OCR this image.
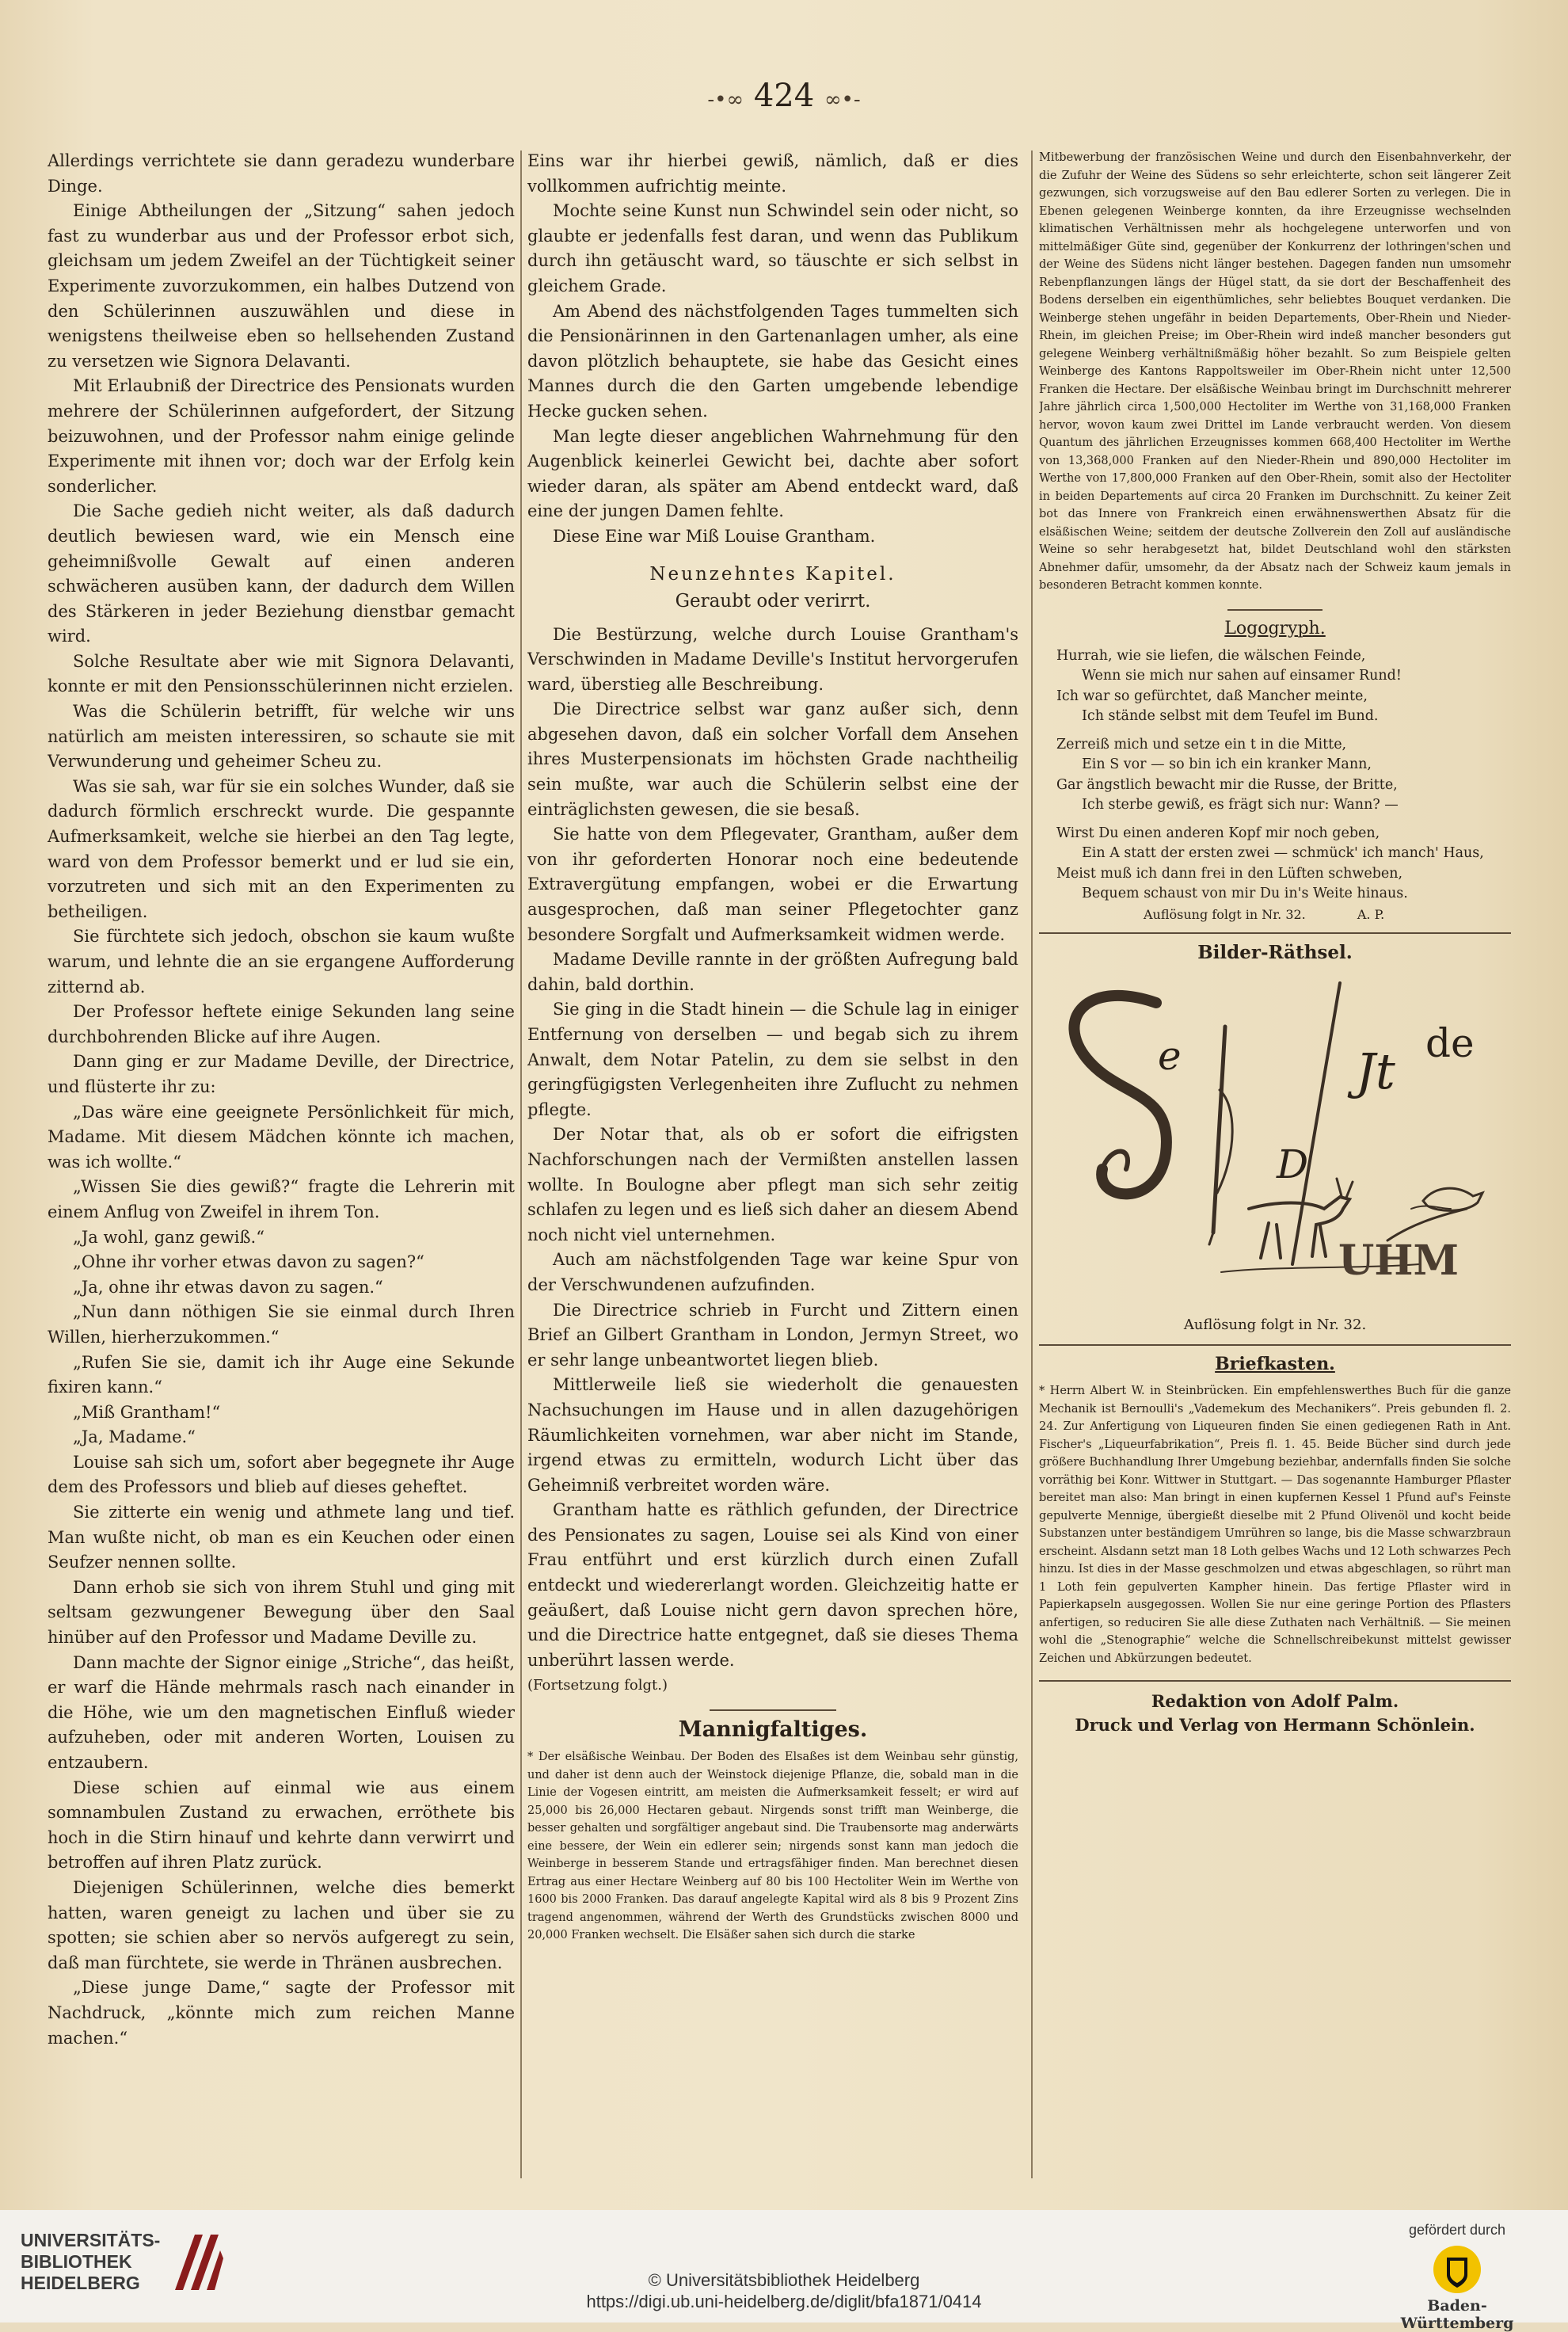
-•∞ 424 ∞•-

Allerdings verrichtete sie dann geradezu wunderbare Dinge.

Einige Abtheilungen der „Sitzung“ sahen jedoch fast zu wunderbar aus und der Professor erbot sich, gleichsam um jedem Zweifel an der Tüchtigkeit seiner Experimente zuvorzukommen, ein halbes Dutzend von den Schülerinnen auszuwählen und diese in wenigstens theilweise eben so hellsehenden Zustand zu versetzen wie Signora Delavanti.

Mit Erlaubniß der Directrice des Pensionats wurden mehrere der Schülerinnen aufgefordert, der Sitzung beizuwohnen, und der Professor nahm einige gelinde Experimente mit ihnen vor; doch war der Erfolg kein sonderlicher.

Die Sache gedieh nicht weiter, als daß dadurch deutlich bewiesen ward, wie ein Mensch eine geheimnißvolle Gewalt auf einen anderen schwächeren ausüben kann, der dadurch dem Willen des Stärkeren in jeder Beziehung dienstbar gemacht wird.

Solche Resultate aber wie mit Signora Delavanti, konnte er mit den Pensionsschülerinnen nicht erzielen.

Was die Schülerin betrifft, für welche wir uns natürlich am meisten interessiren, so schaute sie mit Verwunderung und geheimer Scheu zu.

Was sie sah, war für sie ein solches Wunder, daß sie dadurch förmlich erschreckt wurde. Die gespannte Aufmerksamkeit, welche sie hierbei an den Tag legte, ward von dem Professor bemerkt und er lud sie ein, vorzutreten und sich mit an den Experimenten zu betheiligen.

Sie fürchtete sich jedoch, obschon sie kaum wußte warum, und lehnte die an sie ergangene Aufforderung zitternd ab.

Der Professor heftete einige Sekunden lang seine durchbohrenden Blicke auf ihre Augen.

Dann ging er zur Madame Deville, der Directrice, und flüsterte ihr zu:

„Das wäre eine geeignete Persönlichkeit für mich, Madame. Mit diesem Mädchen könnte ich machen, was ich wollte.“

„Wissen Sie dies gewiß?“ fragte die Lehrerin mit einem Anflug von Zweifel in ihrem Ton.

„Ja wohl, ganz gewiß.“

„Ohne ihr vorher etwas davon zu sagen?“

„Ja, ohne ihr etwas davon zu sagen.“

„Nun dann nöthigen Sie sie einmal durch Ihren Willen, hierherzukommen.“

„Rufen Sie sie, damit ich ihr Auge eine Sekunde fixiren kann.“

„Miß Grantham!“

„Ja, Madame.“

Louise sah sich um, sofort aber begegnete ihr Auge dem des Professors und blieb auf dieses geheftet.

Sie zitterte ein wenig und athmete lang und tief. Man wußte nicht, ob man es ein Keuchen oder einen Seufzer nennen sollte.

Dann erhob sie sich von ihrem Stuhl und ging mit seltsam gezwungener Bewegung über den Saal hinüber auf den Professor und Madame Deville zu.

Dann machte der Signor einige „Striche“, das heißt, er warf die Hände mehrmals rasch nach einander in die Höhe, wie um den magnetischen Einfluß wieder aufzuheben, oder mit anderen Worten, Louisen zu entzaubern.

Diese schien auf einmal wie aus einem somnambulen Zustand zu erwachen, erröthete bis hoch in die Stirn hinauf und kehrte dann verwirrt und betroffen auf ihren Platz zurück.

Diejenigen Schülerinnen, welche dies bemerkt hatten, waren geneigt zu lachen und über sie zu spotten; sie schien aber so nervös aufgeregt zu sein, daß man fürchtete, sie werde in Thränen ausbrechen.

„Diese junge Dame,“ sagte der Professor mit Nachdruck, „könnte mich zum reichen Manne machen.“

Eins war ihr hierbei gewiß, nämlich, daß er dies vollkommen aufrichtig meinte.

Mochte seine Kunst nun Schwindel sein oder nicht, so glaubte er jedenfalls fest daran, und wenn das Publikum durch ihn getäuscht ward, so täuschte er sich selbst in gleichem Grade.

Am Abend des nächstfolgenden Tages tummelten sich die Pensionärinnen in den Gartenanlagen umher, als eine davon plötzlich behauptete, sie habe das Gesicht eines Mannes durch die den Garten umgebende lebendige Hecke gucken sehen.

Man legte dieser angeblichen Wahrnehmung für den Augenblick keinerlei Gewicht bei, dachte aber sofort wieder daran, als später am Abend entdeckt ward, daß eine der jungen Damen fehlte.

Diese Eine war Miß Louise Grantham.

Neunzehntes Kapitel.
Geraubt oder verirrt.

Die Bestürzung, welche durch Louise Grantham's Verschwinden in Madame Deville's Institut hervorgerufen ward, überstieg alle Beschreibung.

Die Directrice selbst war ganz außer sich, denn abgesehen davon, daß ein solcher Vorfall dem Ansehen ihres Musterpensionats im höchsten Grade nachtheilig sein mußte, war auch die Schülerin selbst eine der einträglichsten gewesen, die sie besaß.

Sie hatte von dem Pflegevater, Grantham, außer dem von ihr geforderten Honorar noch eine bedeutende Extravergütung empfangen, wobei er die Erwartung ausgesprochen, daß man seiner Pflegetochter ganz besondere Sorgfalt und Aufmerksamkeit widmen werde.

Madame Deville rannte in der größten Aufregung bald dahin, bald dorthin.

Sie ging in die Stadt hinein — die Schule lag in einiger Entfernung von derselben — und begab sich zu ihrem Anwalt, dem Notar Patelin, zu dem sie selbst in den geringfügigsten Verlegenheiten ihre Zuflucht zu nehmen pflegte.

Der Notar that, als ob er sofort die eifrigsten Nachforschungen nach der Vermißten anstellen lassen wollte. In Boulogne aber pflegt man sich sehr zeitig schlafen zu legen und es ließ sich daher an diesem Abend noch nicht viel unternehmen.

Auch am nächstfolgenden Tage war keine Spur von der Verschwundenen aufzufinden.

Die Directrice schrieb in Furcht und Zittern einen Brief an Gilbert Grantham in London, Jermyn Street, wo er sehr lange unbeantwortet liegen blieb.

Mittlerweile ließ sie wiederholt die genauesten Nachsuchungen im Hause und in allen dazugehörigen Räumlichkeiten vornehmen, war aber nicht im Stande, irgend etwas zu ermitteln, wodurch Licht über das Geheimniß verbreitet worden wäre.

Grantham hatte es räthlich gefunden, der Directrice des Pensionates zu sagen, Louise sei als Kind von einer Frau entführt und erst kürzlich durch einen Zufall entdeckt und wiedererlangt worden. Gleichzeitig hatte er geäußert, daß Louise nicht gern davon sprechen höre, und die Directrice hatte entgegnet, daß sie dieses Thema unberührt lassen werde.

(Fortsetzung folgt.)

Mannigfaltiges.

* Der elsäßische Weinbau. Der Boden des Elsaßes ist dem Weinbau sehr günstig, und daher ist denn auch der Weinstock diejenige Pflanze, die, sobald man in die Linie der Vogesen eintritt, am meisten die Aufmerksamkeit fesselt; er wird auf 25,000 bis 26,000 Hectaren gebaut. Nirgends sonst trifft man Weinberge, die besser gehalten und sorgfältiger angebaut sind. Die Traubensorte mag anderwärts eine bessere, der Wein ein edlerer sein; nirgends sonst kann man jedoch die Weinberge in besserem Stande und ertragsfähiger finden. Man berechnet diesen Ertrag aus einer Hectare Weinberg auf 80 bis 100 Hectoliter Wein im Werthe von 1600 bis 2000 Franken. Das darauf angelegte Kapital wird als 8 bis 9 Prozent Zins tragend angenommen, während der Werth des Grundstücks zwischen 8000 und 20,000 Franken wechselt. Die Elsäßer sahen sich durch die starke

Mitbewerbung der französischen Weine und durch den Eisenbahnverkehr, der die Zufuhr der Weine des Südens so sehr erleichterte, schon seit längerer Zeit gezwungen, sich vorzugsweise auf den Bau edlerer Sorten zu verlegen. Die in Ebenen gelegenen Weinberge konnten, da ihre Erzeugnisse wechselnden klimatischen Verhältnissen mehr als hochgelegene unterworfen und von mittelmäßiger Güte sind, gegenüber der Konkurrenz der lothringen'schen und der Weine des Südens nicht länger bestehen. Dagegen fanden nun umsomehr Rebenpflanzungen längs der Hügel statt, da sie dort der Beschaffenheit des Bodens derselben ein eigenthümliches, sehr beliebtes Bouquet verdanken. Die Weinberge stehen ungefähr in beiden Departements, Ober-Rhein und Nieder-Rhein, im gleichen Preise; im Ober-Rhein wird indeß mancher besonders gut gelegene Weinberg verhältnißmäßig höher bezahlt. So zum Beispiele gelten Weinberge des Kantons Rappoltsweiler im Ober-Rhein nicht unter 12,500 Franken die Hectare. Der elsäßische Weinbau bringt im Durchschnitt mehrerer Jahre jährlich circa 1,500,000 Hectoliter im Werthe von 31,168,000 Franken hervor, wovon kaum zwei Drittel im Lande verbraucht werden. Von diesem Quantum des jährlichen Erzeugnisses kommen 668,400 Hectoliter im Werthe von 13,368,000 Franken auf den Nieder-Rhein und 890,000 Hectoliter im Werthe von 17,800,000 Franken auf den Ober-Rhein, somit also der Hectoliter in beiden Departements auf circa 20 Franken im Durchschnitt. Zu keiner Zeit bot das Innere von Frankreich einen erwähnenswerthen Absatz für die elsäßischen Weine; seitdem der deutsche Zollverein den Zoll auf ausländische Weine so sehr herabgesetzt hat, bildet Deutschland wohl den stärksten Abnehmer dafür, umsomehr, da der Absatz nach der Schweiz kaum jemals in besonderen Betracht kommen konnte.

Logogryph.
Hurrah, wie sie liefen, die wälschen Feinde,
Wenn sie mich nur sahen auf einsamer Rund!
Ich war so gefürchtet, daß Mancher meinte,
Ich stände selbst mit dem Teufel im Bund.
Zerreiß mich und setze ein t in die Mitte,
Ein S vor — so bin ich ein kranker Mann,
Gar ängstlich bewacht mir die Russe, der Britte,
Ich sterbe gewiß, es frägt sich nur: Wann? —
Wirst Du einen anderen Kopf mir noch geben,
Ein A statt der ersten zwei — schmück' ich manch' Haus,
Meist muß ich dann frei in den Lüften schweben,
Bequem schaust von mir Du in's Weite hinaus.
Auflösung folgt in Nr. 32.	A. P.
Bilder-Räthsel.
e	Jt de
D
UHM
Auflösung folgt in Nr. 32.
Briefkasten.

* Herrn Albert W. in Steinbrücken. Ein empfehlenswerthes Buch für die ganze Mechanik ist Bernoulli's „Vademekum des Mechanikers“. Preis gebunden fl. 2. 24. Zur Anfertigung von Liqueuren finden Sie einen gediegenen Rath in Ant. Fischer's „Liqueurfabrikation“, Preis fl. 1. 45. Beide Bücher sind durch jede größere Buchhandlung Ihrer Umgebung beziehbar, andernfalls finden Sie solche vorräthig bei Konr. Wittwer in Stuttgart. — Das sogenannte Hamburger Pflaster bereitet man also: Man bringt in einen kupfernen Kessel 1 Pfund auf's Feinste gepulverte Mennige, übergießt dieselbe mit 2 Pfund Olivenöl und kocht beide Substanzen unter beständigem Umrühren so lange, bis die Masse schwarzbraun erscheint. Alsdann setzt man 18 Loth gelbes Wachs und 12 Loth schwarzes Pech hinzu. Ist dies in der Masse geschmolzen und etwas abgeschlagen, so rührt man 1 Loth fein gepulverten Kampher hinein. Das fertige Pflaster wird in Papierkapseln ausgegossen. Wollen Sie nur eine geringe Portion des Pflasters anfertigen, so reduciren Sie alle diese Zuthaten nach Verhältniß. — Sie meinen wohl die „Stenographie“ welche die Schnellschreibekunst mittelst gewisser Zeichen und Abkürzungen bedeutet.

Redaktion von Adolf Palm.
Druck und Verlag von Hermann Schönlein.
UNIVERSITÄTS-
BIBLIOTHEK
HEIDELBERG	© Universitätsbibliothek Heidelberg
https://digi.ub.uni-heidelberg.de/diglit/bfa1871/0414
gefördert durch
Baden-Württemberg
